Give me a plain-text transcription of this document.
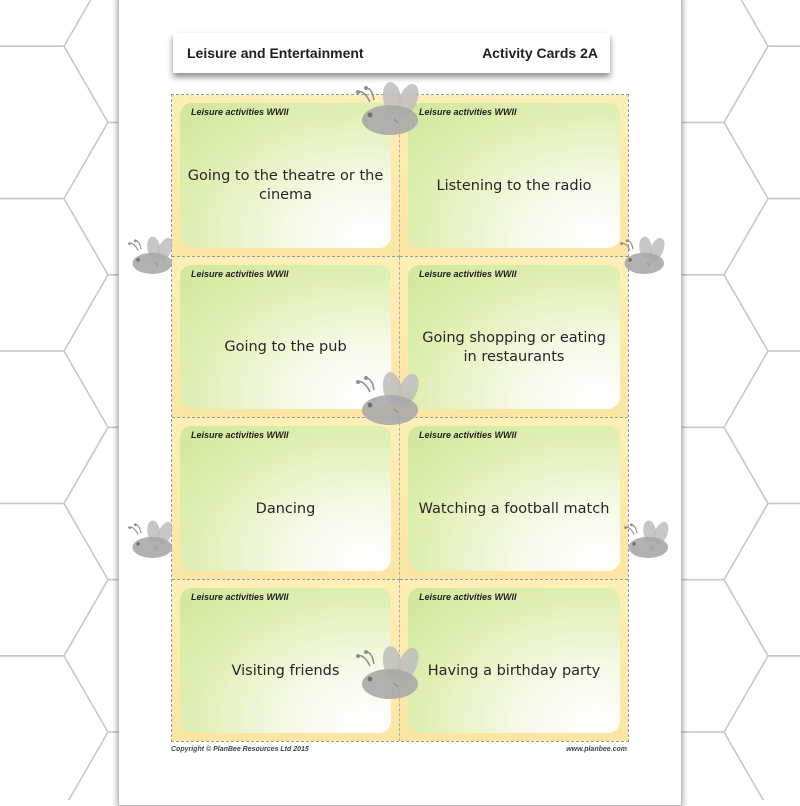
Leisure and Entertainment	Activity Cards 2A
Leisure activities WWII
Going to the theatre or the cinema
Leisure activities WWII
Listening to the radio
Leisure activities WWII
Going to the pub
Leisure activities WWII
Going shopping or eating in restaurants
Leisure activities WWII
Dancing
Leisure activities WWII
Watching a football match
Leisure activities WWII
Visiting friends
Leisure activities WWII
Having a birthday party
Copyright © PlanBee Resources Ltd 2015	www.planbee.com
